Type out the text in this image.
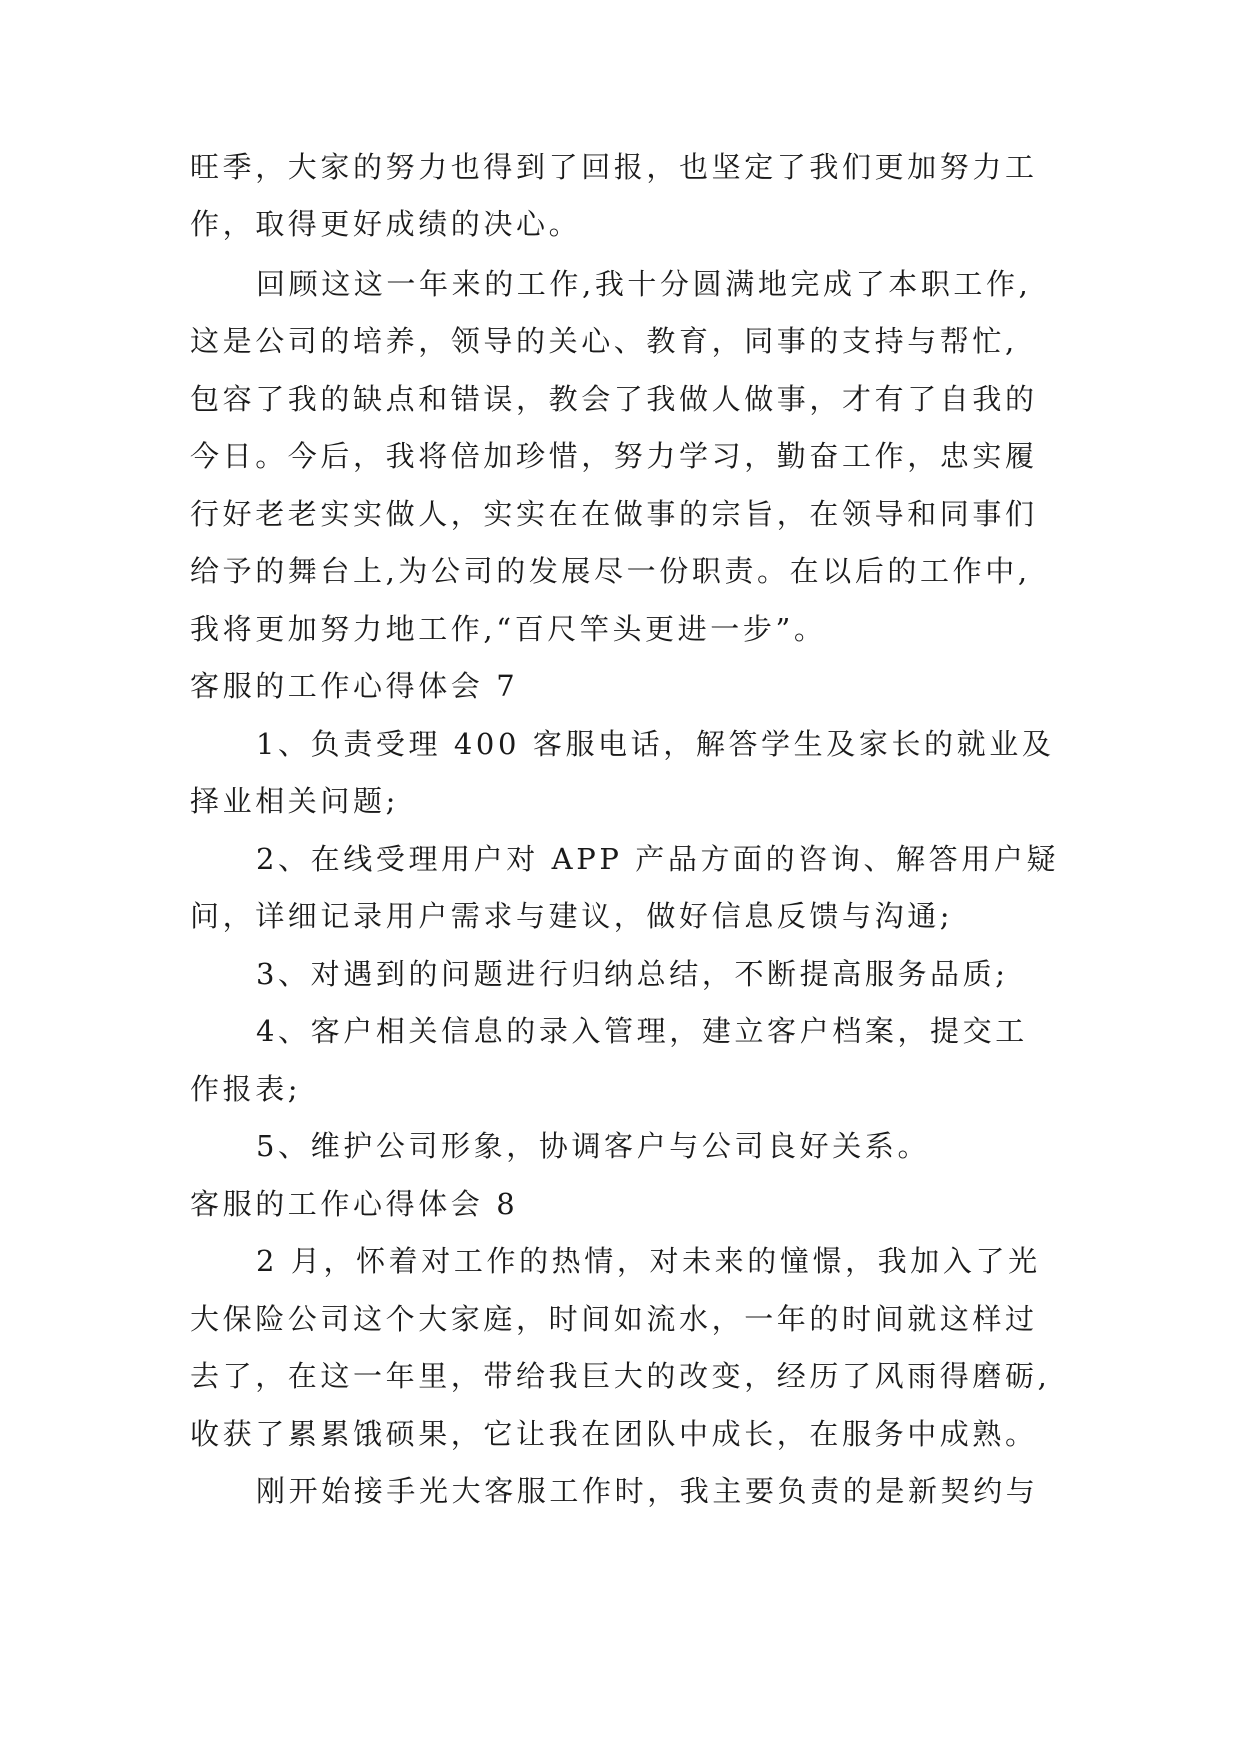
旺季，大家的努力也得到了回报，也坚定了我们更加努力工
作，取得更好成绩的决心。
回顾这这一年来的工作,我十分圆满地完成了本职工作,
这是公司的培养，领导的关心、教育，同事的支持与帮忙,
包容了我的缺点和错误，教会了我做人做事，才有了自我的
今日。今后，我将倍加珍惜，努力学习，勤奋工作，忠实履
行好老老实实做人，实实在在做事的宗旨，在领导和同事们
给予的舞台上,为公司的发展尽一份职责。在以后的工作中,
我将更加努力地工作,“百尺竿头更进一步”。
客服的工作心得体会 7
1、负责受理 400 客服电话，解答学生及家长的就业及
择业相关问题;
2、在线受理用户对 APP 产品方面的咨询、解答用户疑
问，详细记录用户需求与建议，做好信息反馈与沟通;
3、对遇到的问题进行归纳总结，不断提高服务品质;
4、客户相关信息的录入管理，建立客户档案，提交工
作报表;
5、维护公司形象，协调客户与公司良好关系。
客服的工作心得体会 8
2 月，怀着对工作的热情，对未来的憧憬，我加入了光
大保险公司这个大家庭，时间如流水，一年的时间就这样过
去了，在这一年里，带给我巨大的改变，经历了风雨得磨砺,
收获了累累饿硕果，它让我在团队中成长，在服务中成熟。
刚开始接手光大客服工作时，我主要负责的是新契约与
